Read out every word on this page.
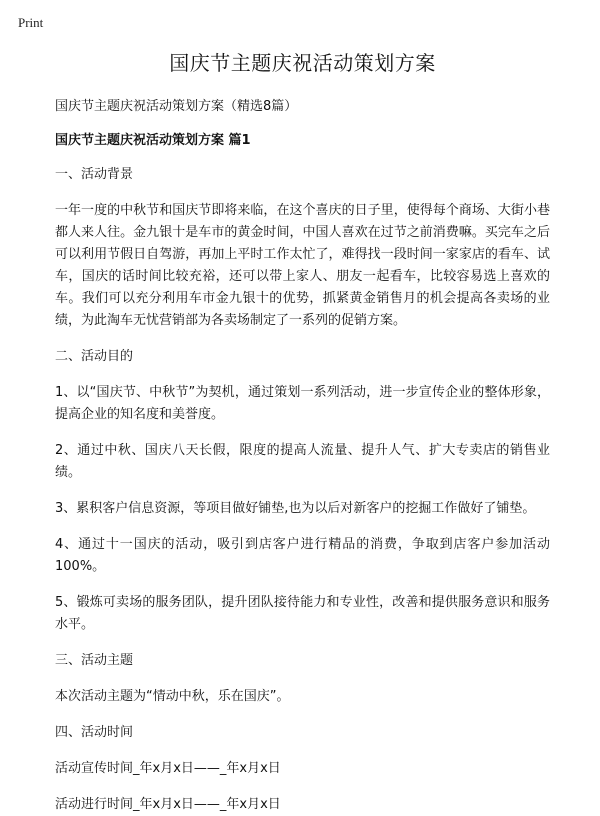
Print
国庆节主题庆祝活动策划方案

国庆节主题庆祝活动策划方案（精选8篇）

国庆节主题庆祝活动策划方案 篇1

一、活动背景

一年一度的中秋节和国庆节即将来临，在这个喜庆的日子里，使得每个商场、大街小巷都人来人往。金九银十是车市的黄金时间，中国人喜欢在过节之前消费嘛。买完车之后可以利用节假日自驾游，再加上平时工作太忙了，难得找一段时间一家家店的看车、试车，国庆的话时间比较充裕，还可以带上家人、朋友一起看车，比较容易选上喜欢的车。我们可以充分利用车市金九银十的优势，抓紧黄金销售月的机会提高各卖场的业绩，为此淘车无忧营销部为各卖场制定了一系列的促销方案。

二、活动目的

1、以“国庆节、中秋节”为契机，通过策划一系列活动，进一步宣传企业的整体形象，提高企业的知名度和美誉度。

2、通过中秋、国庆八天长假，限度的提高人流量、提升人气、扩大专卖店的销售业绩。

3、累积客户信息资源，等项目做好铺垫,也为以后对新客户的挖掘工作做好了铺垫。

4、通过十一国庆的活动，吸引到店客户进行精品的消费，争取到店客户参加活动100%。

5、锻炼可卖场的服务团队，提升团队接待能力和专业性，改善和提供服务意识和服务水平。

三、活动主题

本次活动主题为“情动中秋，乐在国庆”。

四、活动时间

活动宣传时间_年x月x日——_年x月x日

活动进行时间_年x月x日——_年x月x日
